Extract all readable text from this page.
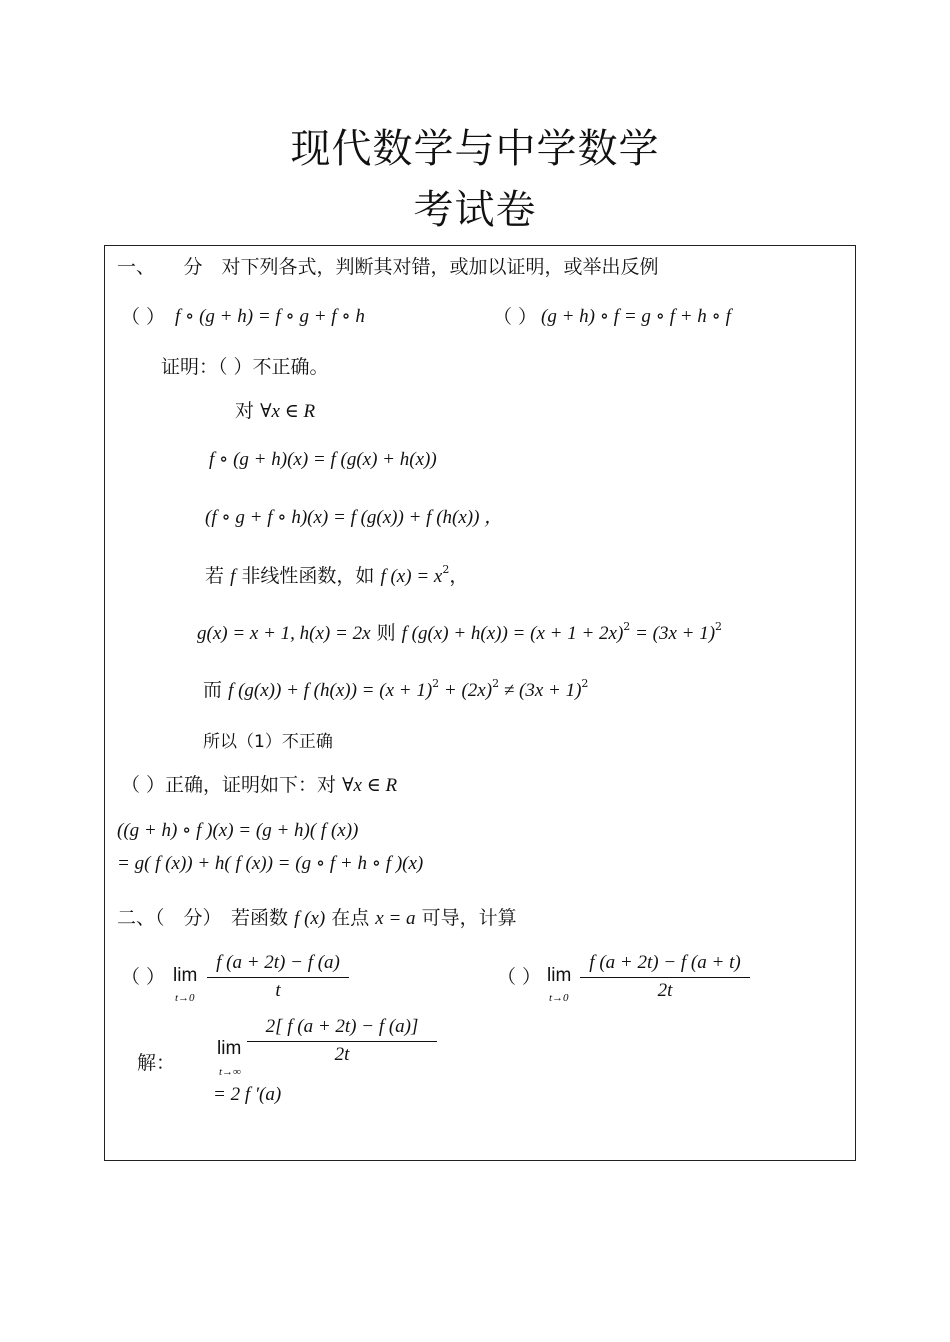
现代数学与中学数学
考试卷
一、　　分　对下列各式，判断其对错，或加以证明，或举出反例
（ ） f ∘ (g + h) = f ∘ g + f ∘ h	（ ） (g + h) ∘ f = g ∘ f + h ∘ f
证明：（ ）不正确。
对 ∀x ∈ R
f ∘ (g + h)(x) = f (g(x) + h(x))
(f ∘ g + f ∘ h)(x) = f (g(x)) + f (h(x)) ，
若 f 非线性函数，如 f $(x) = x^2$，
g(x) = x + 1, h(x) = 2x 则 f $(g(x) + h(x)) = (x + 1 + 2x)^2 = (3x + 1)^2$
而 f (g(x)) + f $(h(x)) = (x + 1)^2 + (2x)^2 \ne (3x + 1)^2$
所以（1）不正确
（ ）正确，证明如下：对 ∀x ∈ R
((g + h) ∘ f )(x) = (g + h)( f (x))
= g( f (x)) + h( f (x)) = (g ∘ f + h ∘ f )(x)
二、（　分）　若函数 f (x) 在点 x = a 可导，计算
（ ） lim
t→0
f (a + 2t) − f (a)
t
（ ） lim
t→0
f (a + 2t) − f (a + t)
2t
解：
lim
t→∞
2[ f (a + 2t) − f (a)]
2t
= 2 f ′(a)
